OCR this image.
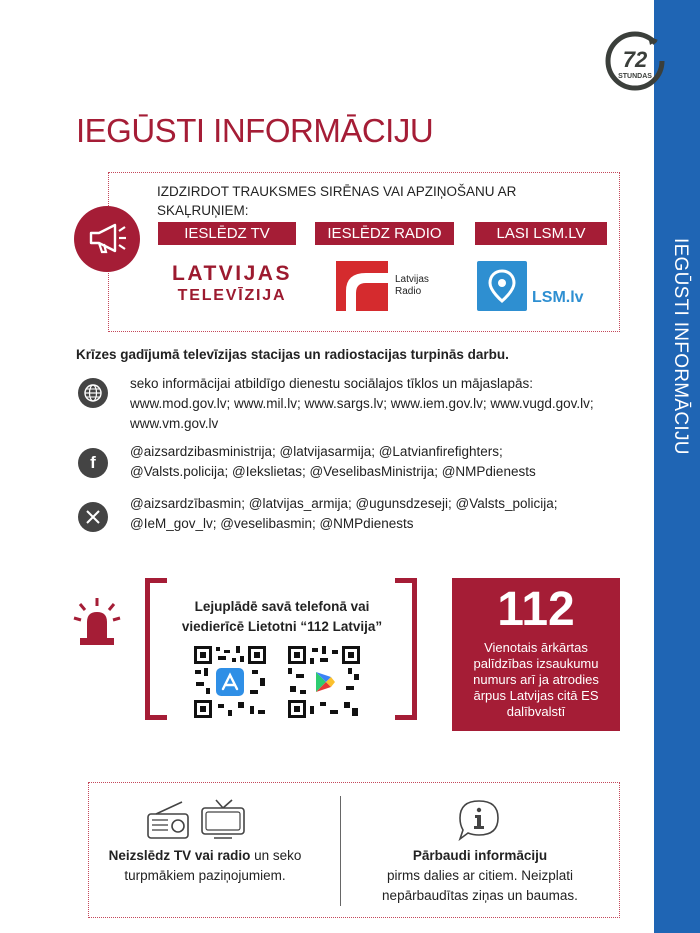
IEGŪSTI INFORMĀCIJU
72
STUNDAS
IEGŪSTI INFORMĀCIJU
IZDZIRDOT TRAUKSMES SIRĒNAS VAI APZIŅOŠANU AR SKAĻRUŅIEM:
IESLĒDZ TV	IESLĒDZ RADIO	LASI LSM.LV
LATVIJAS
TELEVĪZIJA
Latvijas
Radio	LSM.lv
Krīzes gadījumā televīzijas stacijas un radiostacijas turpinās darbu.
seko informācijai atbildīgo dienestu sociālajos tīklos un mājaslapās: www.mod.gov.lv; www.mil.lv; www.sargs.lv; www.iem.gov.lv; www.vugd.gov.lv; www.vm.gov.lv
f
@aizsardzibasministrija; @latvijasarmija; @Latvianfirefighters; @Valsts.policija; @Iekslietas; @VeselibasMinistrija; @NMPdienests
@aizsardzībasmin; @latvijas_armija; @ugunsdzeseji; @Valsts_policija; @IeM_gov_lv; @veselibasmin; @NMPdienests
Lejuplādē savā telefonā vai viedierīcē Lietotni “112 Latvija”	112
Vienotais ārkārtas palīdzības izsaukumu numurs arī ja atrodies ārpus Latvijas citā ES dalībvalstī
Neizslēdz TV vai radio un seko turpmākiem paziņojumiem.
Pārbaudi informāciju
pirms dalies ar citiem. Neizplati nepārbaudītas ziņas un baumas.
